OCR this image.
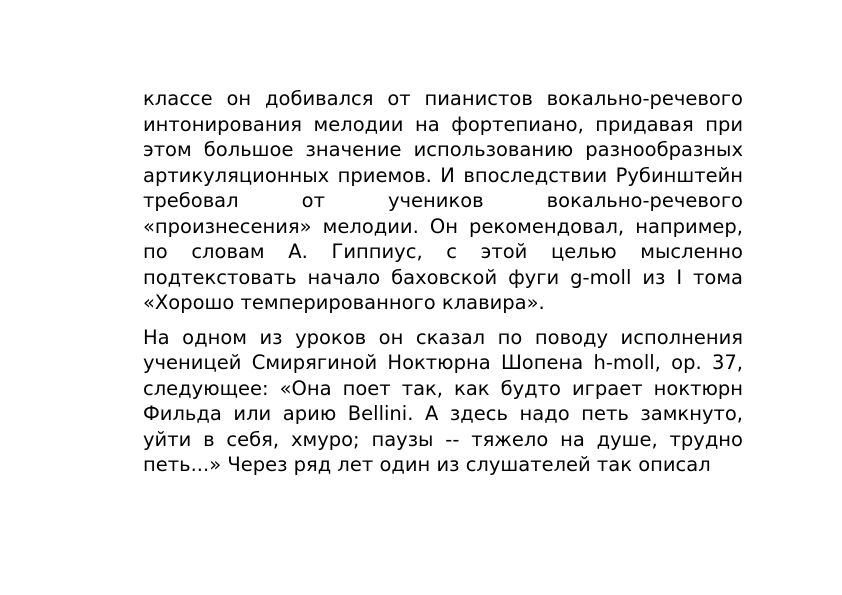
классе он добивался от пианистов вокально-речевого интонирования мелодии на фортепиано, придавая при этом большое значение использованию разнообразных артикуляционных приемов. И впоследствии Рубинштейн требовал от учеников вокально-речевого «произнесения» мелодии. Он рекомендовал, например, по словам А. Гиппиус, с этой целью мысленно подтекстовать начало баховской фуги g-moll из I тома «Хорошо темперированного клавира».

На одном из уроков он сказал по поводу исполнения ученицей Смирягиной Ноктюрна Шопена h-moll, op. 37, следующее: «Она поет так, как будто играет ноктюрн Фильда или арию Bellini. А здесь надо петь замкнуто, уйти в себя, хмуро; паузы -- тяжело на душе, трудно петь...» Через ряд лет один из слушателей так описал
